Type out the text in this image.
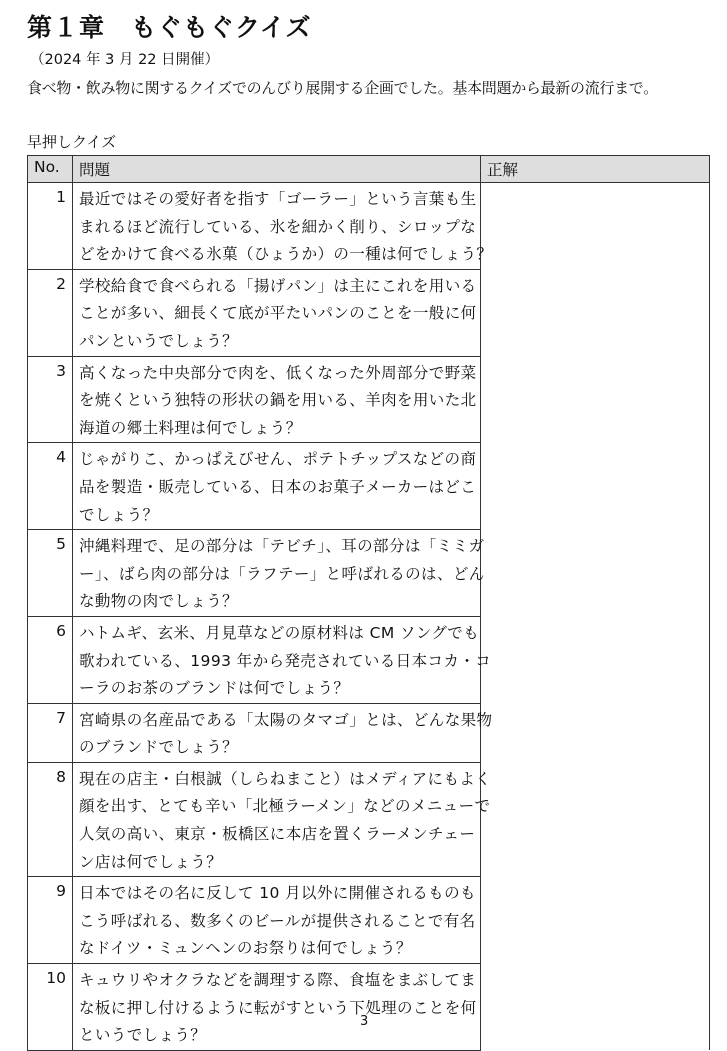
第１章　もぐもぐクイズ
（2024 年 3 月 22 日開催）
食べ物・飲み物に関するクイズでのんびり展開する企画でした。基本問題から最新の流行まで。
早押しクイズ
No.	問題	正解
1	最近ではその愛好者を指す「ゴーラー」という言葉も生
まれるほど流行している、氷を細かく削り、シロップな
どをかけて食べる氷菓（ひょうか）の一種は何でしょう？	

2	学校給食で食べられる「揚げパン」は主にこれを用いる
ことが多い、細長くて底が平たいパンのことを一般に何
パンというでしょう？	

3	高くなった中央部分で肉を、低くなった外周部分で野菜
を焼くという独特の形状の鍋を用いる、羊肉を用いた北
海道の郷土料理は何でしょう？	

4	じゃがりこ、かっぱえびせん、ポテトチップスなどの商
品を製造・販売している、日本のお菓子メーカーはどこ
でしょう？	

5	沖縄料理で、足の部分は「テビチ」、耳の部分は「ミミガ
ー」、ばら肉の部分は「ラフテー」と呼ばれるのは、どん
な動物の肉でしょう？	

6	ハトムギ、玄米、月見草などの原材料は CM ソングでも
歌われている、1993 年から発売されている日本コカ・コ
ーラのお茶のブランドは何でしょう？	

7	宮崎県の名産品である「太陽のタマゴ」とは、どんな果物
のブランドでしょう？	

8	現在の店主・白根誠（しらねまこと）はメディアにもよく
顔を出す、とても辛い「北極ラーメン」などのメニューで
人気の高い、東京・板橋区に本店を置くラーメンチェー
ン店は何でしょう？	

9	日本ではその名に反して 10 月以外に開催されるものも
こう呼ばれる、数多くのビールが提供されることで有名
なドイツ・ミュンヘンのお祭りは何でしょう？	

10	キュウリやオクラなどを調理する際、食塩をまぶしてま
な板に押し付けるように転がすという下処理のことを何
というでしょう？	
3
